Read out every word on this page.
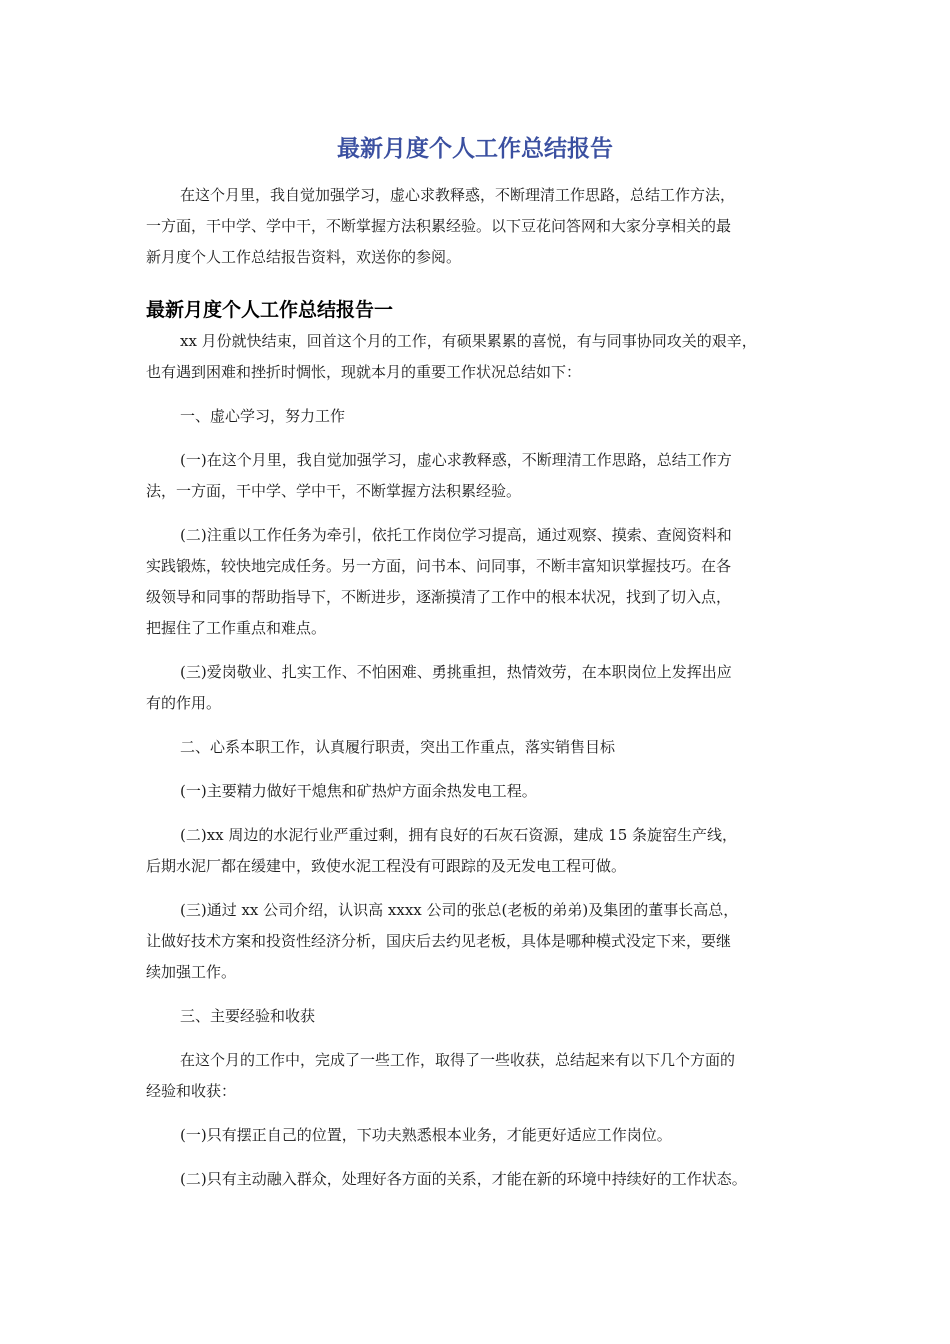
最新月度个人工作总结报告

在这个月里，我自觉加强学习，虚心求教释惑，不断理清工作思路，总结工作方法，
一方面，干中学、学中干，不断掌握方法积累经验。以下豆花问答网和大家分享相关的最
新月度个人工作总结报告资料，欢送你的参阅。

最新月度个人工作总结报告一

xx 月份就快结束，回首这个月的工作，有硕果累累的喜悦，有与同事协同攻关的艰辛，
也有遇到困难和挫折时惆怅，现就本月的重要工作状况总结如下：

一、虚心学习，努力工作

(一)在这个月里，我自觉加强学习，虚心求教释惑，不断理清工作思路，总结工作方
法，一方面，干中学、学中干，不断掌握方法积累经验。

(二)注重以工作任务为牵引，依托工作岗位学习提高，通过观察、摸索、查阅资料和
实践锻炼，较快地完成任务。另一方面，问书本、问同事，不断丰富知识掌握技巧。在各
级领导和同事的帮助指导下，不断进步，逐渐摸清了工作中的根本状况，找到了切入点，
把握住了工作重点和难点。

(三)爱岗敬业、扎实工作、不怕困难、勇挑重担，热情效劳，在本职岗位上发挥出应
有的作用。

二、心系本职工作，认真履行职责，突出工作重点，落实销售目标

(一)主要精力做好干熄焦和矿热炉方面余热发电工程。

(二)xx 周边的水泥行业严重过剩，拥有良好的石灰石资源，建成 15 条旋窑生产线，
后期水泥厂都在缓建中，致使水泥工程没有可跟踪的及无发电工程可做。

(三)通过 xx 公司介绍，认识高 xxxx 公司的张总(老板的弟弟)及集团的董事长高总，
让做好技术方案和投资性经济分析，国庆后去约见老板，具体是哪种模式没定下来，要继
续加强工作。

三、主要经验和收获

在这个月的工作中，完成了一些工作，取得了一些收获，总结起来有以下几个方面的
经验和收获：

(一)只有摆正自己的位置，下功夫熟悉根本业务，才能更好适应工作岗位。

(二)只有主动融入群众，处理好各方面的关系，才能在新的环境中持续好的工作状态。
